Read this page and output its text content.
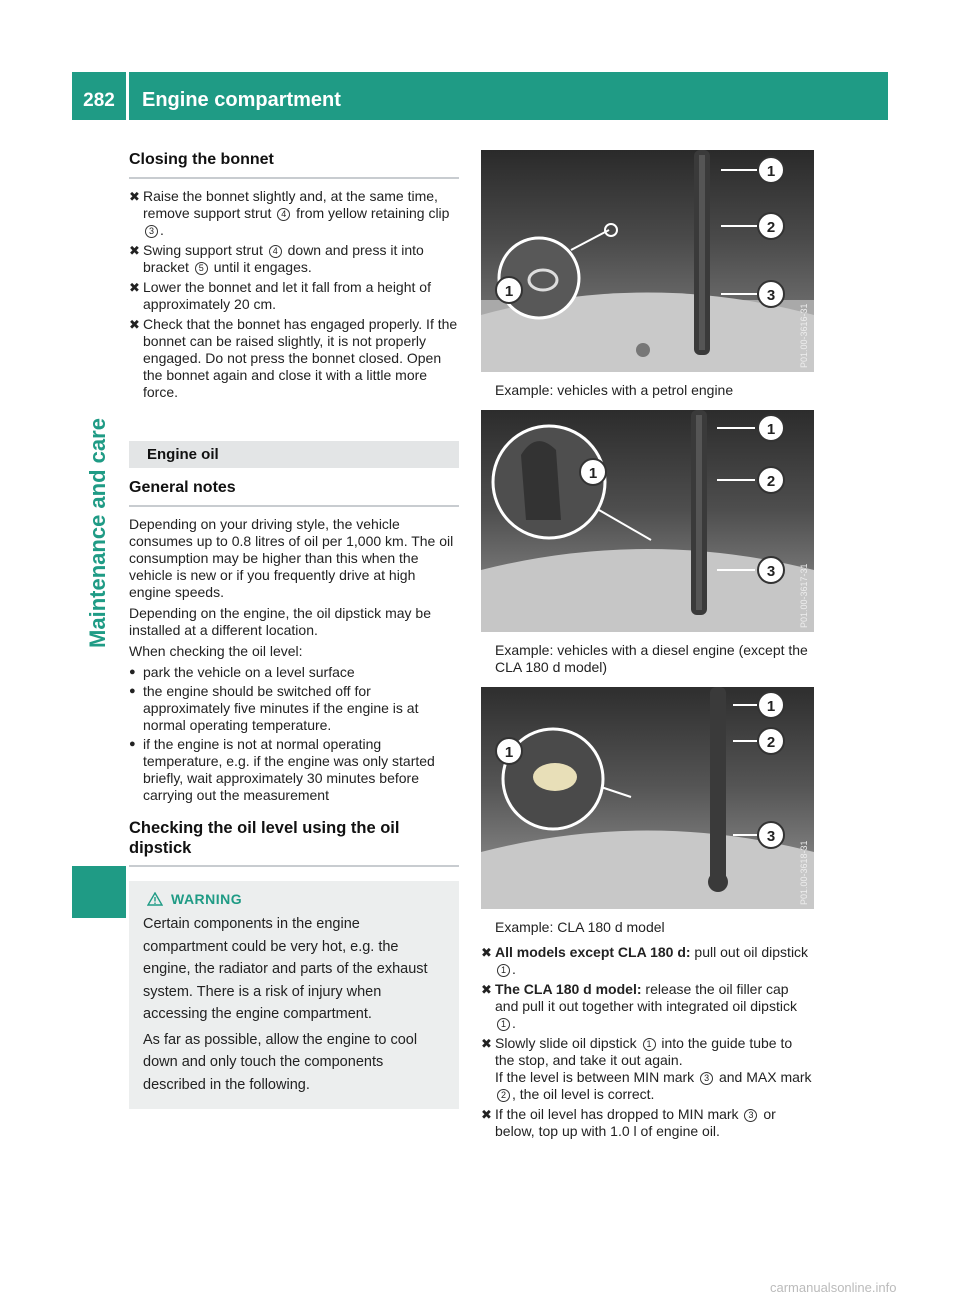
282	Engine compartment
Maintenance and care
Closing the bonnet
✖ Raise the bonnet slightly and, at the same time, remove support strut 4 from yellow retaining clip 3 .
✖ Swing support strut 4 down and press it into bracket 5 until it engages.
✖ Lower the bonnet and let it fall from a height of approximately 20 cm.
✖ Check that the bonnet has engaged properly. If the bonnet can be raised slightly, it is not properly engaged. Do not press the bonnet closed. Open the bonnet again and close it with a little more force.
Engine oil
General notes

Depending on your driving style, the vehicle consumes up to 0.8 litres of oil per 1,000 km. The oil consumption may be higher than this when the vehicle is new or if you frequently drive at high engine speeds.

Depending on the engine, the oil dipstick may be installed at a different location.

When checking the oil level:

● park the vehicle on a level surface
● the engine should be switched off for approximately five minutes if the engine is at normal operating temperature.
● if the engine is not at normal operating temperature, e.g. if the engine was only started briefly, wait approximately 30 minutes before carrying out the measurement
Checking the oil level using the oil dipstick
WARNING

Certain components in the engine compartment could be very hot, e.g. the engine, the radiator and parts of the exhaust system. There is a risk of injury when accessing the engine compartment.

As far as possible, allow the engine to cool down and only touch the components described in the following.

1
2
3
1
P01.00-3616-31

Example: vehicles with a petrol engine

1
2
3
1
P01.00-3617-31

Example: vehicles with a diesel engine (except the CLA 180 d model)

1
2
3
1
P01.00-3618-31

Example: CLA 180 d model

✖ All models except CLA 180 d: pull out oil dipstick 1 .
✖ The CLA 180 d model: release the oil filler cap and pull it out together with integrated oil dipstick 1 .
✖ Slowly slide oil dipstick 1 into the guide tube to the stop, and take it out again.
If the level is between MIN mark 3 and MAX mark 2 , the oil level is correct.
✖ If the oil level has dropped to MIN mark 3 or below, top up with 1.0 l of engine oil.
carmanualsonline.info
